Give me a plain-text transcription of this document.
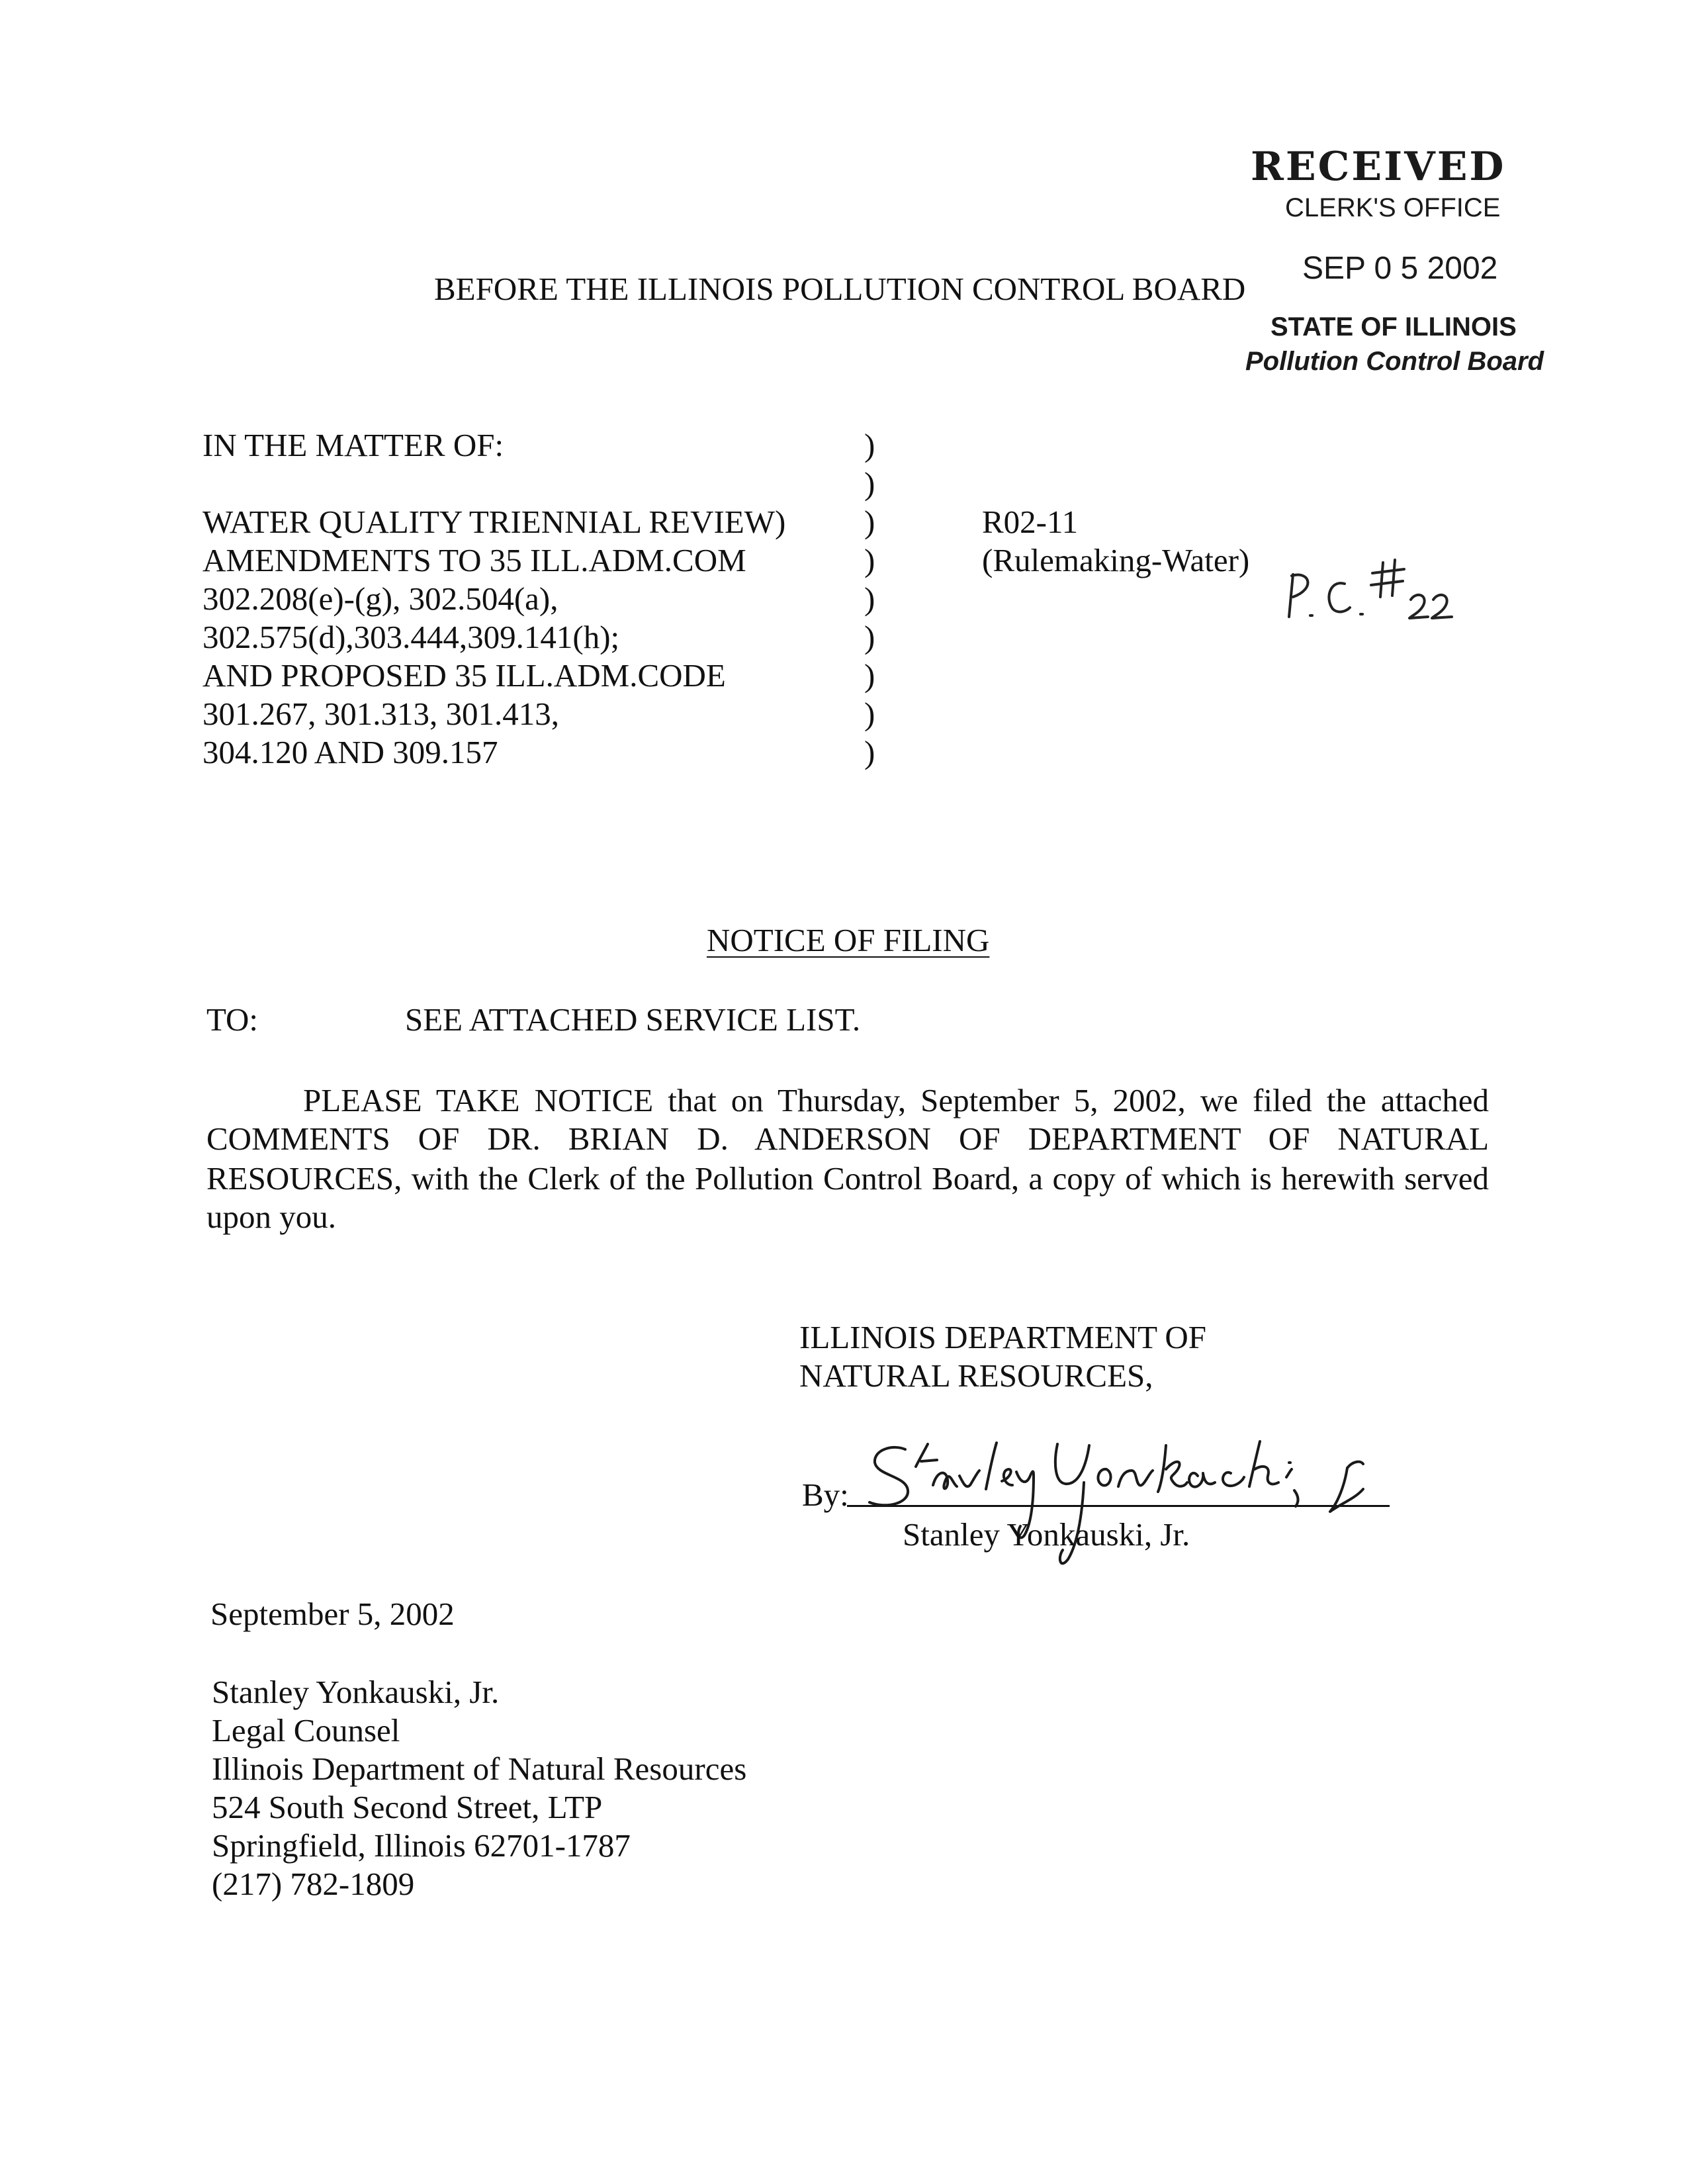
RECEIVED
CLERK'S OFFICE
SEP 0 5 2002
STATE OF ILLINOIS
Pollution Control Board
BEFORE THE ILLINOIS POLLUTION CONTROL BOARD
IN THE MATTER OF:
WATER QUALITY TRIENNIAL REVIEW)
AMENDMENTS TO 35 ILL.ADM.COM
302.208(e)-(g), 302.504(a),
302.575(d),303.444,309.141(h);
AND PROPOSED 35 ILL.ADM.CODE
301.267, 301.313, 301.413,
304.120 AND 309.157
)
)
)
)
)
)
)
)
)
R02-11
(Rulemaking-Water)
NOTICE OF FILING
TO:	SEE ATTACHED SERVICE LIST.
PLEASE TAKE NOTICE that on Thursday, September 5, 2002, we filed the attached
COMMENTS OF DR. BRIAN D. ANDERSON OF DEPARTMENT OF NATURAL
RESOURCES, with the Clerk of the Pollution Control Board, a copy of which is herewith served
upon you.
ILLINOIS DEPARTMENT OF
NATURAL RESOURCES,
By:
Stanley Yonkauski, Jr.
September 5, 2002
Stanley Yonkauski, Jr.
Legal Counsel
Illinois Department of Natural Resources
524 South Second Street, LTP
Springfield, Illinois 62701-1787
(217) 782-1809
